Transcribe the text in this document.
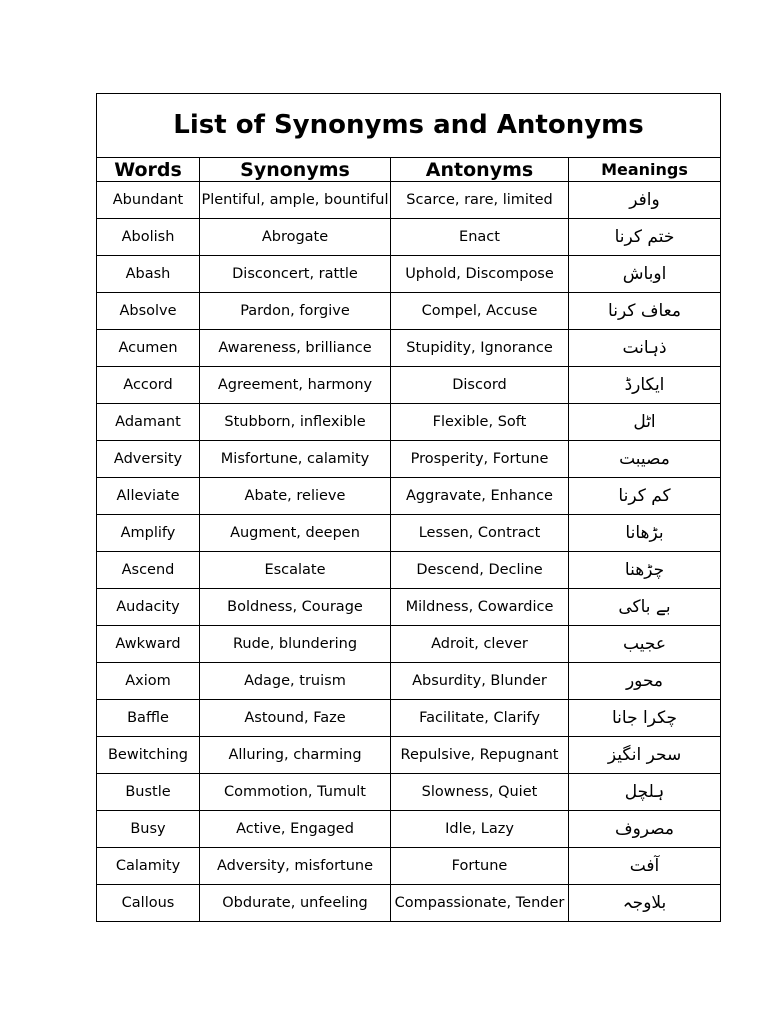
List of Synonyms and Antonyms			

Words	Synonyms	Antonyms	Meanings
Abundant	Plentiful, ample, bountiful	Scarce, rare, limited	وافر
Abolish	Abrogate	Enact	ختم کرنا
Abash	Disconcert, rattle	Uphold, Discompose	اوباش
Absolve	Pardon, forgive	Compel, Accuse	معاف کرنا
Acumen	Awareness, brilliance	Stupidity, Ignorance	ذہانت
Accord	Agreement, harmony	Discord	ایکارڈ
Adamant	Stubborn, inflexible	Flexible, Soft	اٹل
Adversity	Misfortune, calamity	Prosperity, Fortune	مصیبت
Alleviate	Abate, relieve	Aggravate, Enhance	کم کرنا
Amplify	Augment, deepen	Lessen, Contract	بڑھانا
Ascend	Escalate	Descend, Decline	چڑھنا
Audacity	Boldness, Courage	Mildness, Cowardice	بے باکی
Awkward	Rude, blundering	Adroit, clever	عجیب
Axiom	Adage, truism	Absurdity, Blunder	محور
Baffle	Astound, Faze	Facilitate, Clarify	چکرا جانا
Bewitching	Alluring, charming	Repulsive, Repugnant	سحر انگیز
Bustle	Commotion, Tumult	Slowness, Quiet	ہلچل
Busy	Active, Engaged	Idle, Lazy	مصروف
Calamity	Adversity, misfortune	Fortune	آفت
Callous	Obdurate, unfeeling	Compassionate, Tender	بلاوجہ
